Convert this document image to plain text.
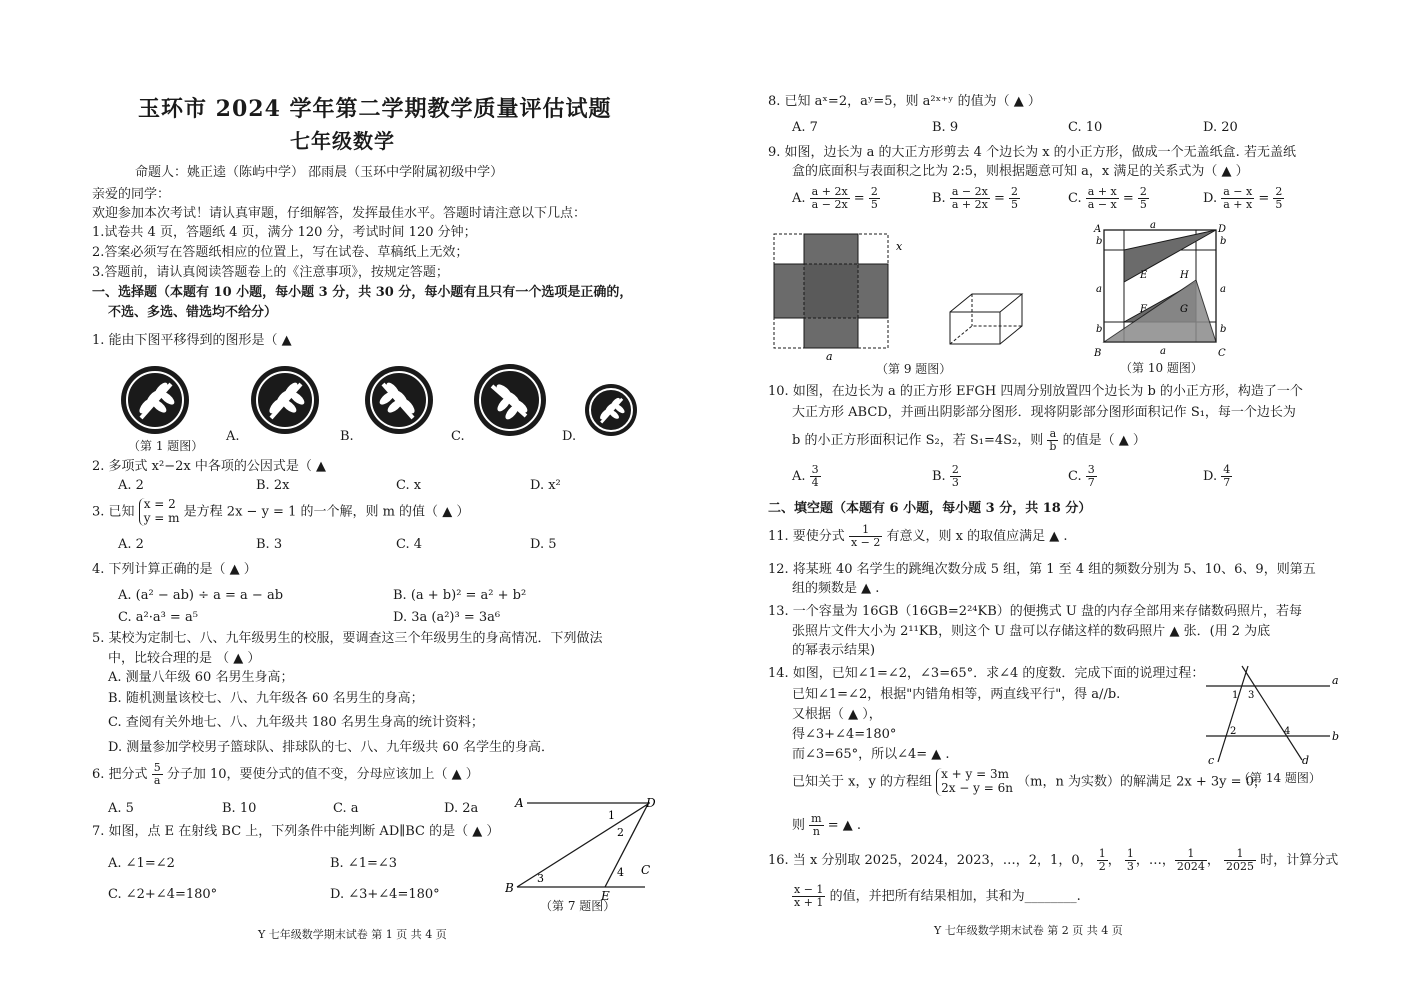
玉环市 2024 学年第二学期教学质量评估试题
七年级数学
命题人：姚正逵（陈屿中学） 邵雨晨（玉环中学附属初级中学）
亲爱的同学：
欢迎参加本次考试！请认真审题，仔细解答，发挥最佳水平。答题时请注意以下几点：
1.试卷共 4 页，答题纸 4 页，满分 120 分，考试时间 120 分钟；
2.答案必须写在答题纸相应的位置上，写在试卷、草稿纸上无效；
3.答题前，请认真阅读答题卷上的《注意事项》，按规定答题；
一、选择题（本题有 10 小题，每小题 3 分，共 30 分，每小题有且只有一个选项是正确的，
不选、多选、错选均不给分）
1. 能由下图平移得到的图形是（ ▲
（第 1 题图）
A.	B.	C.	D.
2. 多项式 x²−2x 中各项的公因式是（ ▲
A. 2	B. 2x	C. x	D. x²
3. 已知
x = 2
y = m 是方程 2x − y = 1 的一个解，则 m 的值（ ▲ ）
A. 2	B. 3	C. 4	D. 5
4. 下列计算正确的是（ ▲ ）
A. (a² − ab) ÷ a = a − ab	B. (a + b)² = a² + b²
C. a²·a³ = a⁵	D. 3a (a²)³ = 3a⁶
5. 某校为定制七、八、九年级男生的校服，要调查这三个年级男生的身高情况．下列做法
中，比较合理的是 （ ▲ ）
A. 测量八年级 60 名男生身高；
B. 随机测量该校七、八、九年级各 60 名男生的身高；
C. 查阅有关外地七、八、九年级共 180 名男生身高的统计资料；
D. 测量参加学校男子篮球队、排球队的七、八、九年级共 60 名学生的身高．
6. 把分式 $\frac{5}{a}$ 分子加 10，要使分式的值不变，分母应该加上（ ▲ ）
A. 5	B. 10	C. a	D. 2a
7. 如图，点 E 在射线 BC 上，下列条件中能判断 AD∥BC 的是（ ▲ ）
A. ∠1=∠2	B. ∠1=∠3
C. ∠2+∠4=180°	D. ∠3+∠4=180°
A	D
B
E
C
1
2
3	4
（第 7 题图）
Y 七年级数学期末试卷 第 1 页 共 4 页
8. 已知 aˣ=2，aʸ=5，则 a²ˣ⁺ʸ 的值为（ ▲ ）
A. 7	B. 9	C. 10	D. 20
9. 如图，边长为 a 的大正方形剪去 4 个边长为 x 的小正方形，做成一个无盖纸盒. 若无盖纸
盒的底面积与表面积之比为 2:5，则根据题意可知 a，x 满足的关系式为（ ▲ ）
A. $\frac{a + 2x}{a - 2x} = \frac{2}{5}$	B. $\frac{a - 2x}{a + 2x} = \frac{2}{5}$	C. $\frac{a + x}{a - x} = \frac{2}{5}$	D. $\frac{a - x}{a + x} = \frac{2}{5}$
x
a
（第 9 题图）
A	D
B	C
E	H
F	G
a
a	a
a
b	b
b	b
（第 10 题图）
10. 如图，在边长为 a 的正方形 EFGH 四周分别放置四个边长为 b 的小正方形，构造了一个
大正方形 ABCD，并画出阴影部分图形．现将阴影部分图形面积记作 S₁，每一个边长为
b 的小正方形面积记作 S₂，若 S₁=4S₂，则 $\frac{a}{b}$ 的值是（ ▲ ）
A. $\frac{3}{4}$	B. $\frac{2}{3}$	C. $\frac{3}{7}$	D. $\frac{4}{7}$
二、填空题（本题有 6 小题，每小题 3 分，共 18 分）
11. 要使分式 $\frac{1}{x - 2}$ 有意义，则 x 的取值应满足 ▲ .
12. 将某班 40 名学生的跳绳次数分成 5 组，第 1 至 4 组的频数分别为 5、10、6、9，则第五
组的频数是 ▲ .
13. 一个容量为 16GB（16GB=2²⁴KB）的便携式 U 盘的内存全部用来存储数码照片，若每
张照片文件大小为 2¹¹KB，则这个 U 盘可以存储这样的数码照片 ▲ 张．(用 2 为底
的幂表示结果)
14. 如图，已知∠1=∠2，∠3=65°．求∠4 的度数．完成下面的说理过程：
已知∠1=∠2，根据"内错角相等，两直线平行"，得 a//b.
又根据（ ▲ ），
得∠3+∠4=180°
而∠3=65°，所以∠4= ▲ .
a
b
c	d
1 3
2	4
（第 14 题图）
已知关于 x，y 的方程组
x + y = 3m
2x − y = 6n （m，n 为实数）的解满足 2x + 3y = 0，
则 $\frac{m}{n}$ = ▲ .
16. 当 x 分别取 2025，2024，2023，…，2，1，0， $\frac{1}{2}$ ， $\frac{1}{3}$ ，…， $\frac{1}{2024}$ ， $\frac{1}{2025}$ 时，计算分式
$\frac{x - 1}{x + 1}$ 的值，并把所有结果相加，其和为________.
Y 七年级数学期末试卷 第 2 页 共 4 页
